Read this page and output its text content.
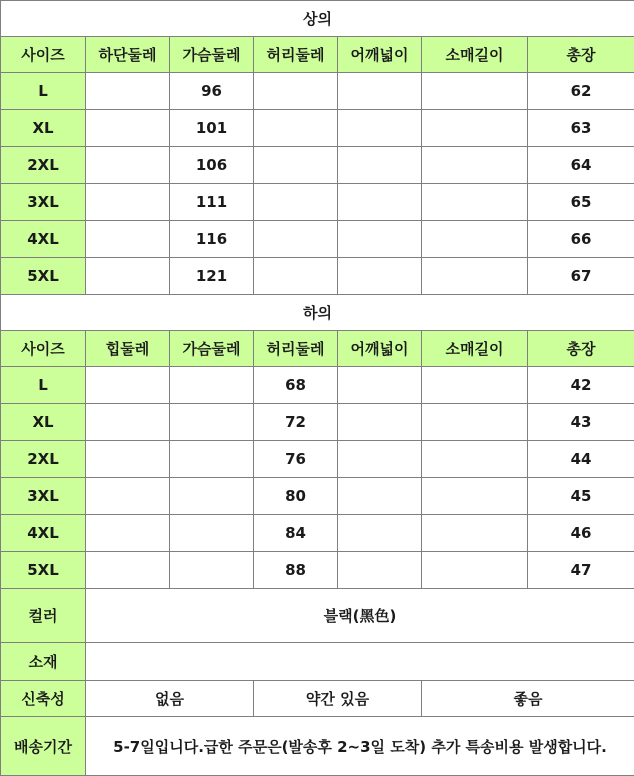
상의						
사이즈	하단둘레	가슴둘레	허리둘레	어깨넓이	소매길이	총장
L		96				62
XL		101				63
2XL		106				64
3XL		111				65
4XL		116				66
5XL		121				67
하의						
사이즈	힙둘레	가슴둘레	허리둘레	어깨넓이	소매길이	총장
L			68			42
XL			72			43
2XL			76			44
3XL			80			45
4XL			84			46
5XL			88			47
컬러	블랙(黑色)					
소재						
신축성	없음		약간 있음		좋음	
배송기간	5-7일입니다.급한 주문은(발송후 2~3일 도착) 추가 특송비용 발생합니다.					
